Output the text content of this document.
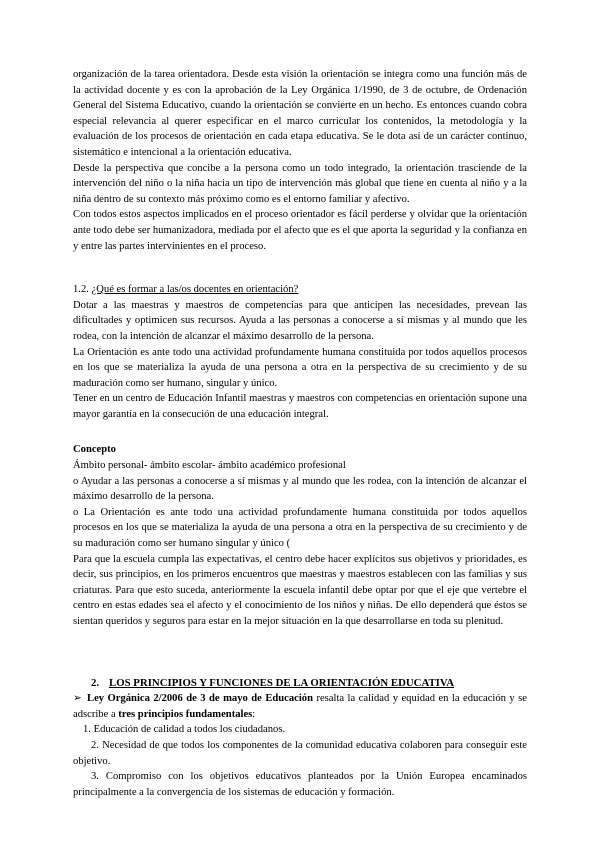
organización de la tarea orientadora. Desde esta visión la orientación se integra como una función más de la actividad docente y es con la aprobación de la Ley Orgánica 1/1990, de 3 de octubre, de Ordenación General del Sistema Educativo, cuando la orientación se convierte en un hecho. Es entonces cuando cobra especial relevancia al querer especificar en el marco curricular los contenidos, la metodología y la evaluación de los procesos de orientación en cada etapa educativa. Se le dota así de un carácter continuo, sistemático e intencional a la orientación educativa.

Desde la perspectiva que concibe a la persona como un todo integrado, la orientación trasciende de la intervención del niño o la niña hacia un tipo de intervención más global que tiene en cuenta al niño y a la niña dentro de su contexto más próximo como es el entorno familiar y afectivo.

Con todos estos aspectos implicados en el proceso orientador es fácil perderse y olvidar que la orientación ante todo debe ser humanizadora, mediada por el afecto que es el que aporta la seguridad y la confianza en y entre las partes intervinientes en el proceso.

1.2. ¿Qué es formar a las/os docentes en orientación?

Dotar a las maestras y maestros de competencias para que anticipen las necesidades, prevean las dificultades y optimicen sus recursos. Ayuda a las personas a conocerse a sí mismas y al mundo que les rodea, con la intención de alcanzar el máximo desarrollo de la persona.

La Orientación es ante todo una actividad profundamente humana constituida por todos aquellos procesos en los que se materializa la ayuda de una persona a otra en la perspectiva de su crecimiento y de su maduración como ser humano, singular y único.

Tener en un centro de Educación Infantil maestras y maestros con competencias en orientación supone una mayor garantía en la consecución de una educación integral.

Concepto

Ámbito personal- ámbito escolar- ámbito académico profesional

o Ayudar a las personas a conocerse a sí mismas y al mundo que les rodea, con la intención de alcanzar el máximo desarrollo de la persona.

o La Orientación es ante todo una actividad profundamente humana constituida por todos aquellos procesos en los que se materializa la ayuda de una persona a otra en la perspectiva de su crecimiento y de su maduración como ser humano singular y único (

Para que la escuela cumpla las expectativas, el centro debe hacer explícitos sus objetivos y prioridades, es decir, sus principios, en los primeros encuentros que maestras y maestros establecen con las familias y sus criaturas. Para que esto suceda, anteriormente la escuela infantil debe optar por que el eje que vertebre el centro en estas edades sea el afecto y el conocimiento de los niños y niñas. De ello dependerá que éstos se sientan queridos y seguros para estar en la mejor situación en la que desarrollarse en toda su plenitud.

2. LOS PRINCIPIOS Y FUNCIONES DE LA ORIENTACIÓN EDUCATIVA

➢ Ley Orgánica 2/2006 de 3 de mayo de Educación resalta la calidad y equidad en la educación y se adscribe a tres principios fundamentales:

1. Educación de calidad a todos los ciudadanos.

2. Necesidad de que todos los componentes de la comunidad educativa colaboren para conseguir este objetivo.

3. Compromiso con los objetivos educativos planteados por la Unión Europea encaminados principalmente a la convergencia de los sistemas de educación y formación.
